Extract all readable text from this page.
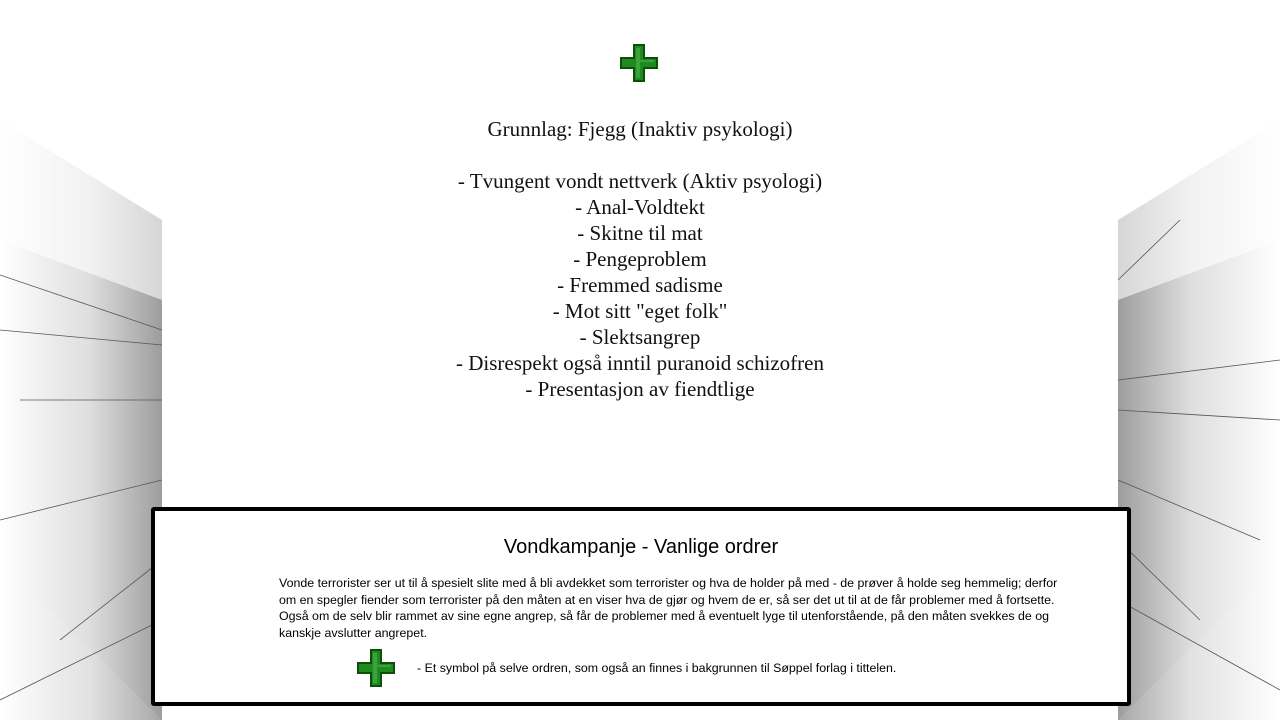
Grunnlag: Fjegg (Inaktiv psykologi)
- Tvungent vondt nettverk (Aktiv psyologi)
- Anal-Voldtekt
- Skitne til mat
- Pengeproblem
- Fremmed sadisme
- Mot sitt "eget folk"
- Slektsangrep
- Disrespekt også inntil puranoid schizofren
- Presentasjon av fiendtlige
Vondkampanje - Vanlige ordrer
Vonde terrorister ser ut til å spesielt slite med å bli avdekket som terrorister og hva de holder på med - de prøver å holde seg hemmelig; derfor om en spegler fiender som terrorister på den måten at en viser hva de gjør og hvem de er, så ser det ut til at de får problemer med å fortsette. Også om de selv blir rammet av sine egne angrep, så får de problemer med å eventuelt lyge til utenforstående, på den måten svekkes de og kanskje avslutter angrepet.
- Et symbol på selve ordren, som også an finnes i bakgrunnen til Søppel forlag i tittelen.
